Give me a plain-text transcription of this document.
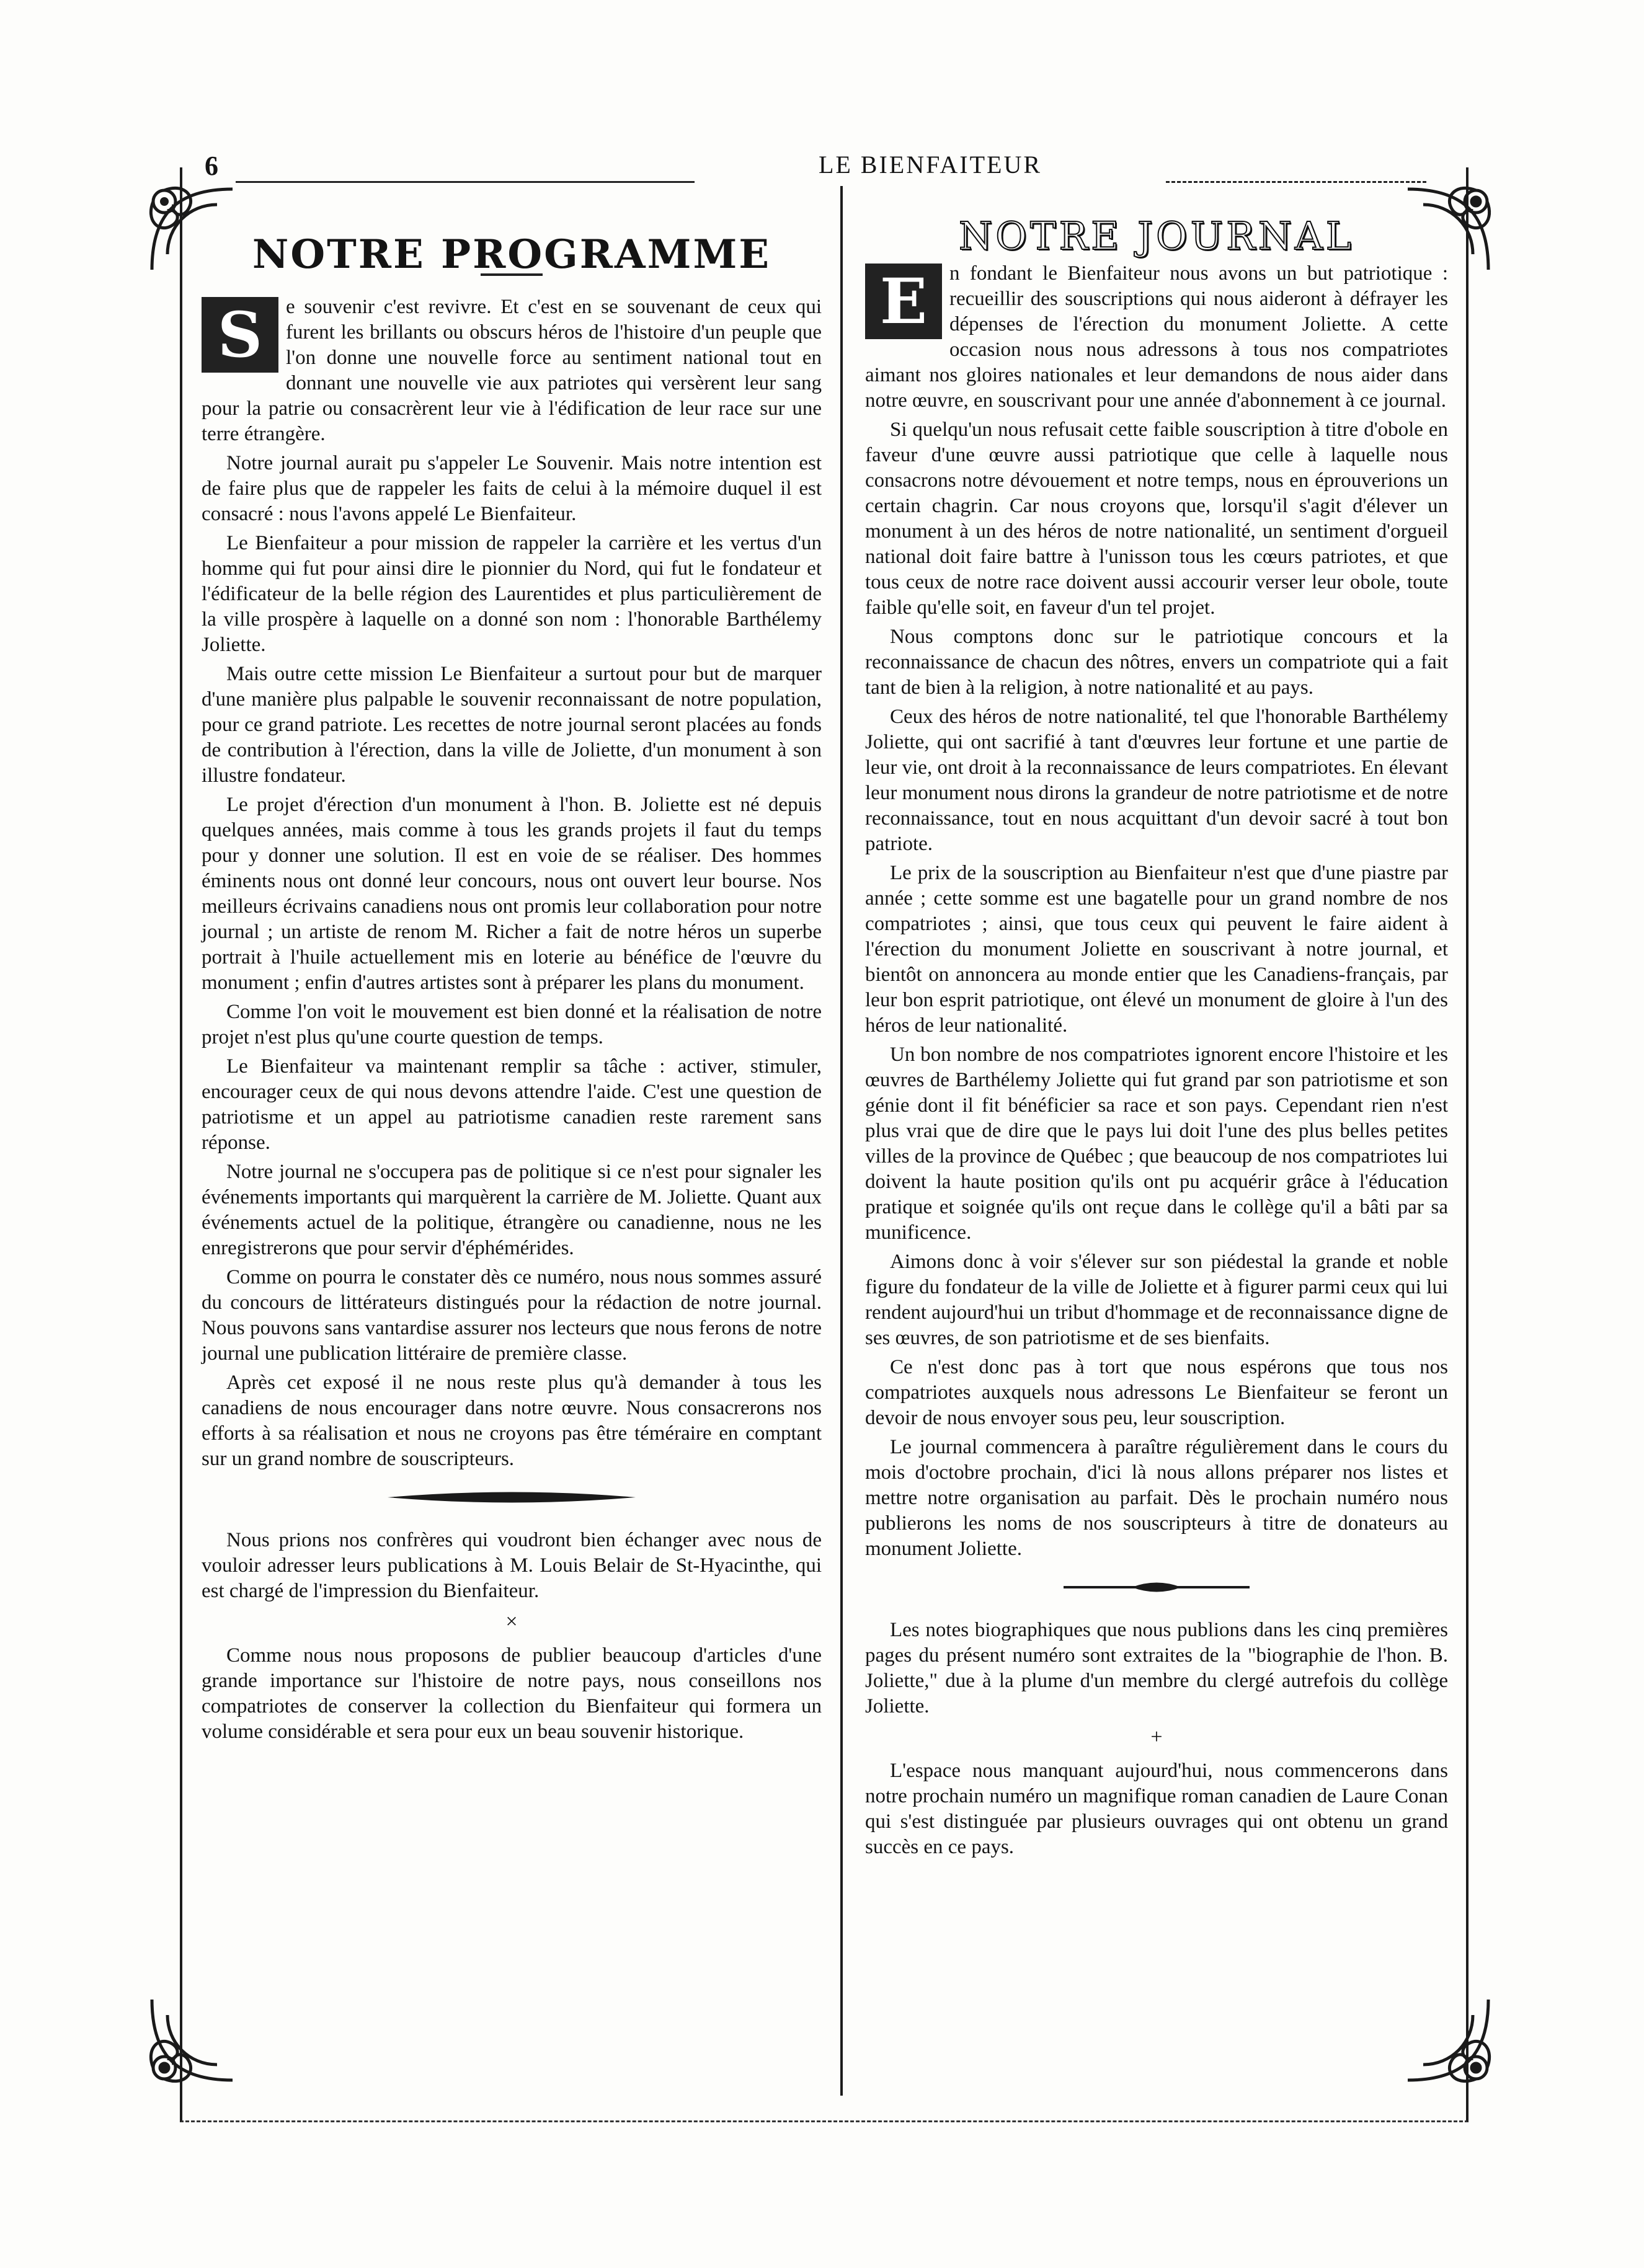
6	LE BIENFAITEUR
NOTRE PROGRAMME

S	e souvenir c'est revivre. Et c'est en se souvenant de ceux qui furent les brillants ou obscurs héros de l'histoire d'un peuple que l'on donne une nouvelle force au sentiment national tout en donnant une nouvelle vie aux patriotes qui versèrent leur sang pour la patrie ou consacrèrent leur vie à l'édification de leur race sur une terre étrangère.

Notre journal aurait pu s'appeler Le Souvenir. Mais notre intention est de faire plus que de rappeler les faits de celui à la mémoire duquel il est consacré : nous l'avons appelé Le Bienfaiteur.

Le Bienfaiteur a pour mission de rappeler la carrière et les vertus d'un homme qui fut pour ainsi dire le pionnier du Nord, qui fut le fondateur et l'édificateur de la belle région des Laurentides et plus particulièrement de la ville prospère à laquelle on a donné son nom : l'honorable Barthélemy Joliette.

Mais outre cette mission Le Bienfaiteur a surtout pour but de marquer d'une manière plus palpable le souvenir reconnaissant de notre population, pour ce grand patriote. Les recettes de notre journal seront placées au fonds de contribution à l'érection, dans la ville de Joliette, d'un monument à son illustre fondateur.

Le projet d'érection d'un monument à l'hon. B. Joliette est né depuis quelques années, mais comme à tous les grands projets il faut du temps pour y donner une solution. Il est en voie de se réaliser. Des hommes éminents nous ont donné leur concours, nous ont ouvert leur bourse. Nos meilleurs écrivains canadiens nous ont promis leur collaboration pour notre journal ; un artiste de renom M. Richer a fait de notre héros un superbe portrait à l'huile actuellement mis en loterie au bénéfice de l'œuvre du monument ; enfin d'autres artistes sont à préparer les plans du monument.

Comme l'on voit le mouvement est bien donné et la réalisation de notre projet n'est plus qu'une courte question de temps.

Le Bienfaiteur va maintenant remplir sa tâche : activer, stimuler, encourager ceux de qui nous devons attendre l'aide. C'est une question de patriotisme et un appel au patriotisme canadien reste rarement sans réponse.

Notre journal ne s'occupera pas de politique si ce n'est pour signaler les événements importants qui marquèrent la carrière de M. Joliette. Quant aux événements actuel de la politique, étrangère ou canadienne, nous ne les enregistrerons que pour servir d'éphémérides.

Comme on pourra le constater dès ce numéro, nous nous sommes assuré du concours de littérateurs distingués pour la rédaction de notre journal. Nous pouvons sans vantardise assurer nos lecteurs que nous ferons de notre journal une publication littéraire de première classe.

Après cet exposé il ne nous reste plus qu'à demander à tous les canadiens de nous encourager dans notre œuvre. Nous consacrerons nos efforts à sa réalisation et nous ne croyons pas être téméraire en comptant sur un grand nombre de souscripteurs.

Nous prions nos confrères qui voudront bien échanger avec nous de vouloir adresser leurs publications à M. Louis Belair de St-Hyacinthe, qui est chargé de l'impression du Bienfaiteur.

×

Comme nous nous proposons de publier beaucoup d'articles d'une grande importance sur l'histoire de notre pays, nous conseillons nos compatriotes de conserver la collection du Bienfaiteur qui formera un volume considérable et sera pour eux un beau souvenir historique.

NOTRE JOURNAL

E	n fondant le Bienfaiteur nous avons un but patriotique : recueillir des souscriptions qui nous aideront à défrayer les dépenses de l'érection du monument Joliette. A cette occasion nous nous adressons à tous nos compatriotes aimant nos gloires nationales et leur demandons de nous aider dans notre œuvre, en souscrivant pour une année d'abonnement à ce journal.

Si quelqu'un nous refusait cette faible souscription à titre d'obole en faveur d'une œuvre aussi patriotique que celle à laquelle nous consacrons notre dévouement et notre temps, nous en éprouverions un certain chagrin. Car nous croyons que, lorsqu'il s'agit d'élever un monument à un des héros de notre nationalité, un sentiment d'orgueil national doit faire battre à l'unisson tous les cœurs patriotes, et que tous ceux de notre race doivent aussi accourir verser leur obole, toute faible qu'elle soit, en faveur d'un tel projet.

Nous comptons donc sur le patriotique concours et la reconnaissance de chacun des nôtres, envers un compatriote qui a fait tant de bien à la religion, à notre nationalité et au pays.

Ceux des héros de notre nationalité, tel que l'honorable Barthélemy Joliette, qui ont sacrifié à tant d'œuvres leur fortune et une partie de leur vie, ont droit à la reconnaissance de leurs compatriotes. En élevant leur monument nous dirons la grandeur de notre patriotisme et de notre reconnaissance, tout en nous acquittant d'un devoir sacré à tout bon patriote.

Le prix de la souscription au Bienfaiteur n'est que d'une piastre par année ; cette somme est une bagatelle pour un grand nombre de nos compatriotes ; ainsi, que tous ceux qui peuvent le faire aident à l'érection du monument Joliette en souscrivant à notre journal, et bientôt on annoncera au monde entier que les Canadiens-français, par leur bon esprit patriotique, ont élevé un monument de gloire à l'un des héros de leur nationalité.

Un bon nombre de nos compatriotes ignorent encore l'histoire et les œuvres de Barthélemy Joliette qui fut grand par son patriotisme et son génie dont il fit bénéficier sa race et son pays. Cependant rien n'est plus vrai que de dire que le pays lui doit l'une des plus belles petites villes de la province de Québec ; que beaucoup de nos compatriotes lui doivent la haute position qu'ils ont pu acquérir grâce à l'éducation pratique et soignée qu'ils ont reçue dans le collège qu'il a bâti par sa munificence.

Aimons donc à voir s'élever sur son piédestal la grande et noble figure du fondateur de la ville de Joliette et à figurer parmi ceux qui lui rendent aujourd'hui un tribut d'hommage et de reconnaissance digne de ses œuvres, de son patriotisme et de ses bienfaits.

Ce n'est donc pas à tort que nous espérons que tous nos compatriotes auxquels nous adressons Le Bienfaiteur se feront un devoir de nous envoyer sous peu, leur souscription.

Le journal commencera à paraître régulièrement dans le cours du mois d'octobre prochain, d'ici là nous allons préparer nos listes et mettre notre organisation au parfait. Dès le prochain numéro nous publierons les noms de nos souscripteurs à titre de donateurs au monument Joliette.

Les notes biographiques que nous publions dans les cinq premières pages du présent numéro sont extraites de la "biographie de l'hon. B. Joliette," due à la plume d'un membre du clergé autrefois du collège Joliette.

+

L'espace nous manquant aujourd'hui, nous commencerons dans notre prochain numéro un magnifique roman canadien de Laure Conan qui s'est distinguée par plusieurs ouvrages qui ont obtenu un grand succès en ce pays.
